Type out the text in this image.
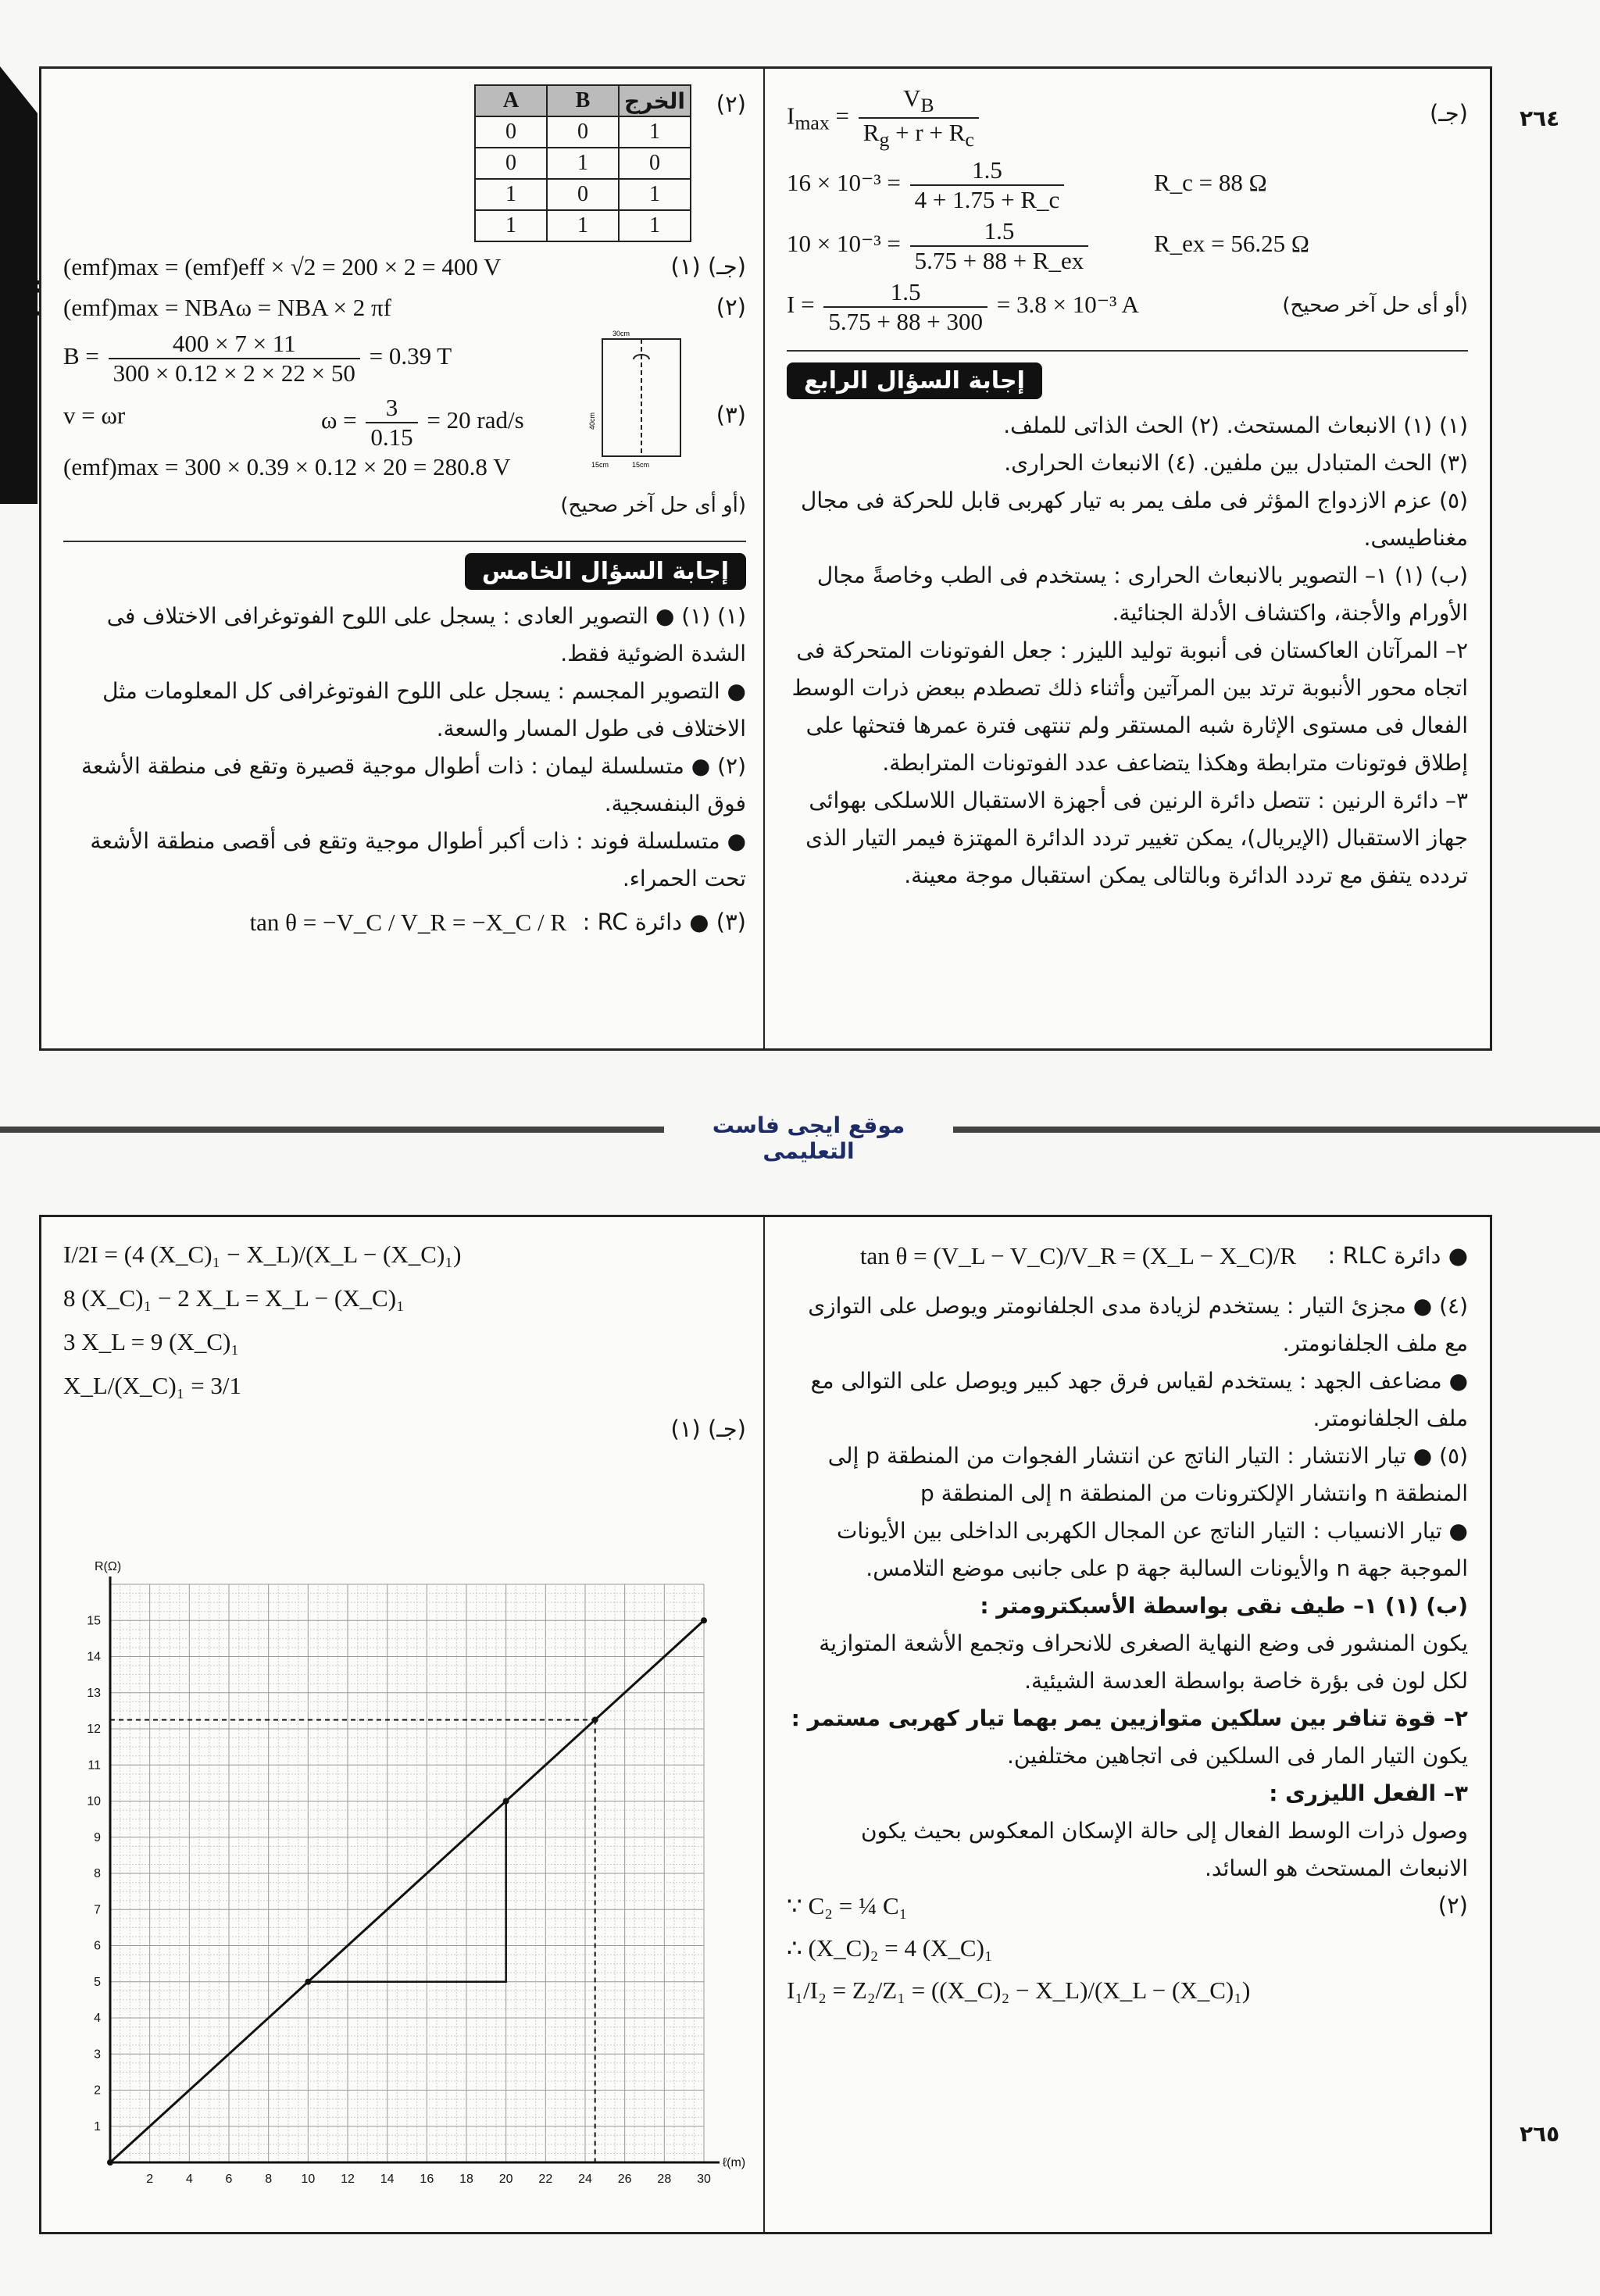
إجابات امتحانات الثانوية
٢٦٤
٢٦٥
(جـ)
$I_{max} = \frac{V_B}{R_g + r + R_c}$
$16 \times 10^{-3} = \frac{1.5}{4 + 1.75 + R\_c}$	R_c = 88 Ω
$10 \times 10^{-3} = \frac{1.5}{5.75 + 88 + R\_ex}$	R_ex = 56.25 Ω
$I = \frac{1.5}{5.75 + 88 + 300} = 3.8 \times 10^{-3}$ A	(أو أى حل آخر صحيح)
إجابة السؤال الرابع
(١) (١) الانبعاث المستحث. (٢) الحث الذاتى للملف.
(٣) الحث المتبادل بين ملفين. (٤) الانبعاث الحرارى.
(٥) عزم الازدواج المؤثر فى ملف يمر به تيار كهربى قابل للحركة فى مجال مغناطيسى.
(ب) (١) ١– التصوير بالانبعاث الحرارى : يستخدم فى الطب وخاصةً مجال الأورام والأجنة، واكتشاف الأدلة الجنائية.
٢– المرآتان العاكستان فى أنبوبة توليد الليزر : جعل الفوتونات المتحركة فى اتجاه محور الأنبوبة ترتد بين المرآتين وأثناء ذلك تصطدم ببعض ذرات الوسط الفعال فى مستوى الإثارة شبه المستقر ولم تنتهى فترة عمرها فتحثها على إطلاق فوتونات مترابطة وهكذا يتضاعف عدد الفوتونات المترابطة.
٣– دائرة الرنين : تتصل دائرة الرنين فى أجهزة الاستقبال اللاسلكى بهوائى جهاز الاستقبال (الإيريال)، يمكن تغيير تردد الدائرة المهتزة فيمر التيار الذى تردده يتفق مع تردد الدائرة وبالتالى يمكن استقبال موجة معينة.
(٢)
A	B	الخرج
0	0	1
0	1	0
1	0	1
1	1	1
(جـ) (١)
(emf)max = (emf)eff × √2 = 200 × 2 = 400 V
(٢)
(emf)max = NBAω = NBA × 2 πf
$B = \frac{400 \times 7 \times 11}{300 \times 0.12 \times 2 \times 22 \times 50} = 0.39$ T
30cm
40cm
15cm	15cm
(٣)
v = ωr	$\omega = \frac{3}{0.15} = 20$ rad/s
(emf)max = 300 × 0.39 × 0.12 × 20 = 280.8 V
(أو أى حل آخر صحيح)
إجابة السؤال الخامس
(١) (١) ● التصوير العادى : يسجل على اللوح الفوتوغرافى الاختلاف فى الشدة الضوئية فقط.
● التصوير المجسم : يسجل على اللوح الفوتوغرافى كل المعلومات مثل الاختلاف فى طول المسار والسعة.
(٢) ● متسلسلة ليمان : ذات أطوال موجية قصيرة وتقع فى منطقة الأشعة فوق البنفسجية.
● متسلسلة فوند : ذات أكبر أطوال موجية وتقع فى أقصى منطقة الأشعة تحت الحمراء.
(٣) ● دائرة RC :
tan θ = −V_C / V_R = −X_C / R
موقع ايجى فاست التعليمى
● دائرة RLC :
tan θ = (V_L − V_C)/V_R = (X_L − X_C)/R
(٤) ● مجزئ التيار : يستخدم لزيادة مدى الجلفانومتر ويوصل على التوازى مع ملف الجلفانومتر.
● مضاعف الجهد : يستخدم لقياس فرق جهد كبير ويوصل على التوالى مع ملف الجلفانومتر.
(٥) ● تيار الانتشار : التيار الناتج عن انتشار الفجوات من المنطقة p إلى المنطقة n وانتشار الإلكترونات من المنطقة n إلى المنطقة p
● تيار الانسياب : التيار الناتج عن المجال الكهربى الداخلى بين الأيونات الموجبة جهة n والأيونات السالبة جهة p على جانبى موضع التلامس.
(ب) (١) ١– طيف نقى بواسطة الأسبكترومتر :
يكون المنشور فى وضع النهاية الصغرى للانحراف وتجمع الأشعة المتوازية لكل لون فى بؤرة خاصة بواسطة العدسة الشيئية.
٢– قوة تنافر بين سلكين متوازيين يمر بهما تيار كهربى مستمر :
يكون التيار المار فى السلكين فى اتجاهين مختلفين.
٣– الفعل الليزرى :
وصول ذرات الوسط الفعال إلى حالة الإسكان المعكوس بحيث يكون الانبعاث المستحث هو السائد.
(٢)
∵ C₂ = ¼ C₁
∴ (X_C)₂ = 4 (X_C)₁
I₁/I₂ = Z₂/Z₁ = ((X_C)₂ − X_L)/(X_L − (X_C)₁)
I/2I = (4 (X_C)₁ − X_L)/(X_L − (X_C)₁)
8 (X_C)₁ − 2 X_L = X_L − (X_C)₁
3 X_L = 9 (X_C)₁
X_L/(X_C)₁ = 3/1
(جـ) (١)
2	4	6	8 10 12 14 16 18 20 22 24 26 28 30
1
2
3
4
5
6
7
8
9
10
11
12
13
14
15
R(Ω)
ℓ(m)
